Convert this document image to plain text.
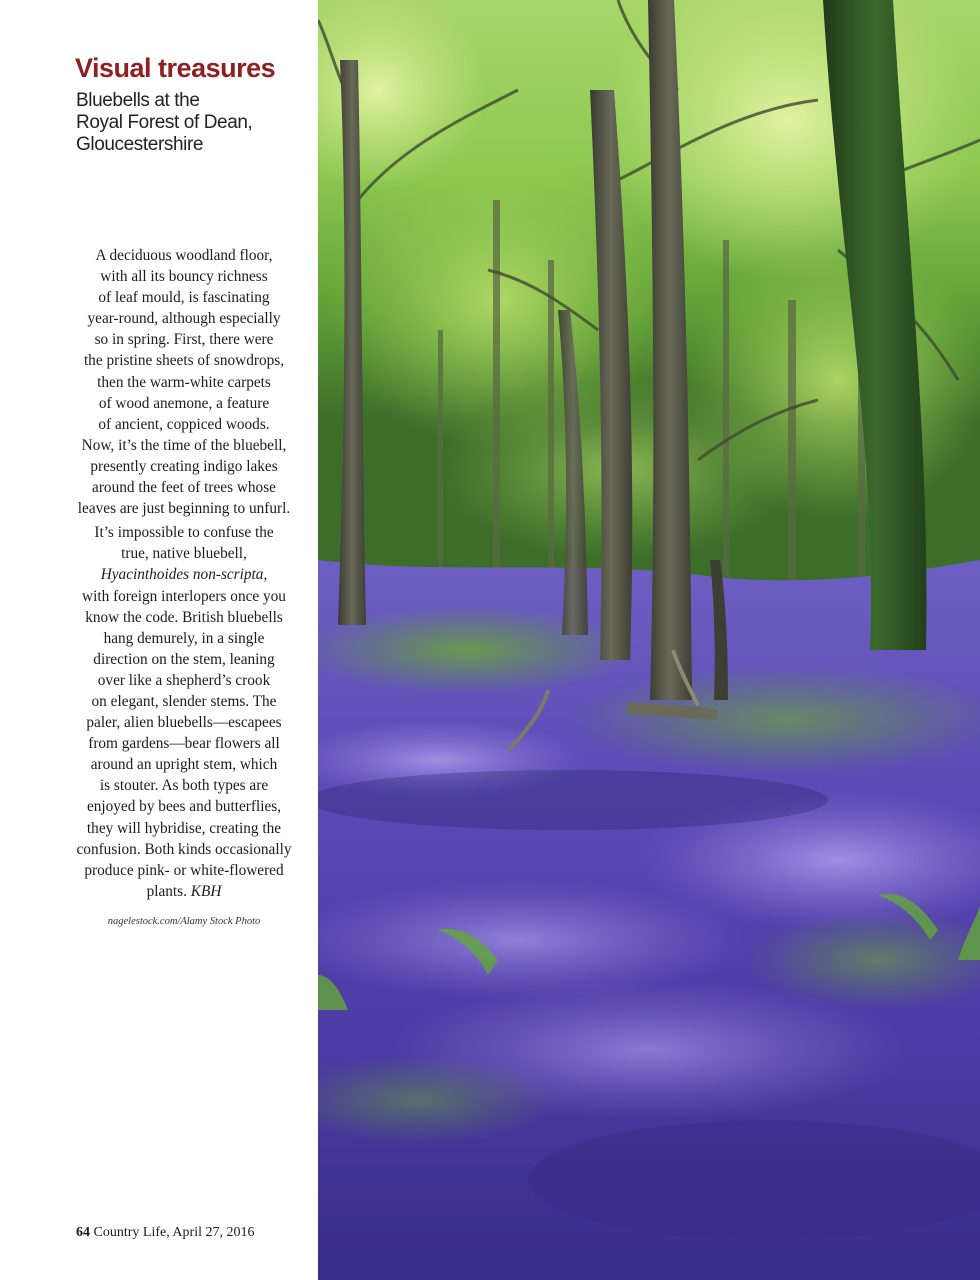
Visual treasures
Bluebells at the
Royal Forest of Dean,
Gloucestershire

A deciduous woodland floor,
with all its bouncy richness
of leaf mould, is fascinating
year-round, although especially
so in spring. First, there were
the pristine sheets of snowdrops,
then the warm-white carpets
of wood anemone, a feature
of ancient, coppiced woods.
Now, it’s the time of the bluebell,
presently creating indigo lakes
around the feet of trees whose
leaves are just beginning to unfurl.

It’s impossible to confuse the
true, native bluebell,
Hyacinthoides non-scripta,
with foreign interlopers once you
know the code. British bluebells
hang demurely, in a single
direction on the stem, leaning
over like a shepherd’s crook
on elegant, slender stems. The
paler, alien bluebells—escapees
from gardens—bear flowers all
around an upright stem, which
is stouter. As both types are
enjoyed by bees and butterflies,
they will hybridise, creating the
confusion. Both kinds occasionally
produce pink- or white-flowered
plants. KBH

nagelestock.com/Alamy Stock Photo
64 Country Life, April 27, 2016
